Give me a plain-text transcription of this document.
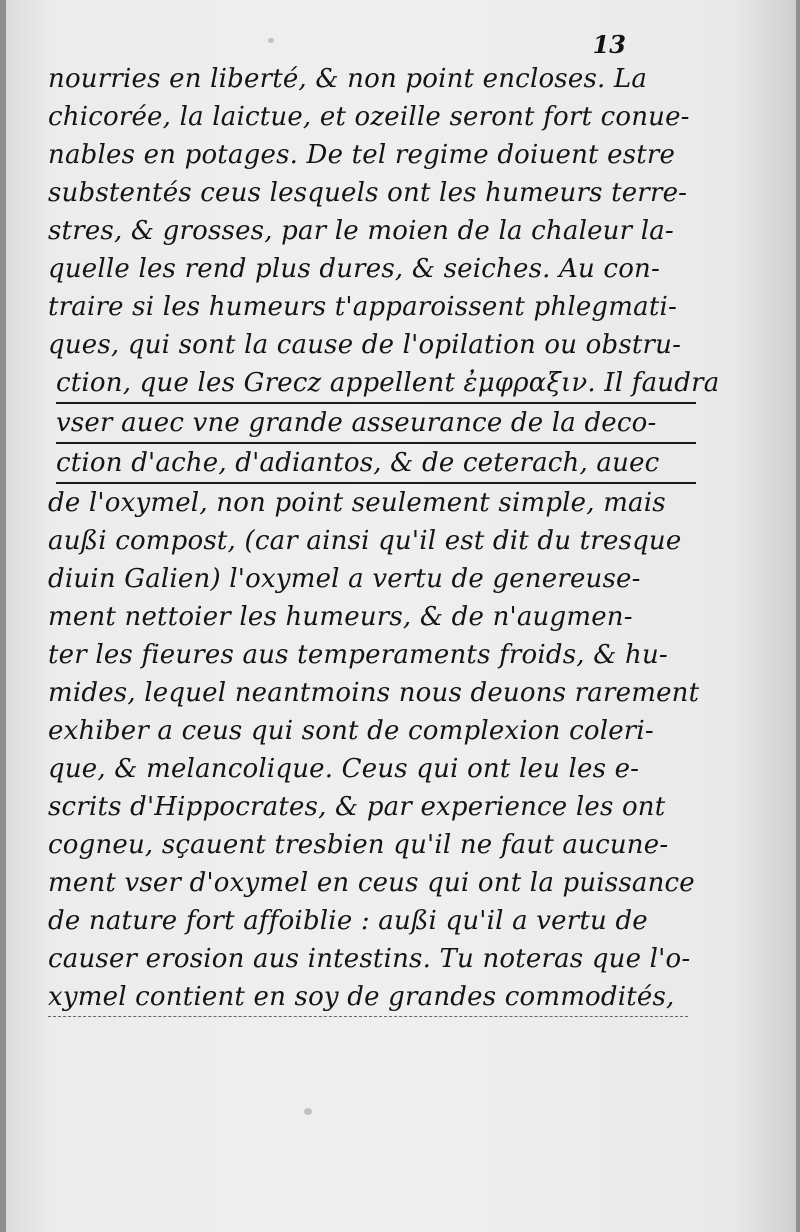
13
nourries en liberté, & non point encloses. La
chicorée, la laictue, et ozeille seront fort conue-
nables en potages. De tel regime doiuent estre
substentés ceus lesquels ont les humeurs terre-
stres, & grosses, par le moien de la chaleur la-
quelle les rend plus dures, & seiches. Au con-
traire si les humeurs t'apparoissent phlegmati-
ques, qui sont la cause de l'opilation ou obstru-
ction, que les Grecz appellent ἐμφραξιν. Il faudra
vser auec vne grande asseurance de la deco-
ction d'ache, d'adiantos, & de ceterach, auec
de l'oxymel, non point seulement simple, mais
außi compost, (car ainsi qu'il est dit du tresque
diuin Galien) l'oxymel a vertu de genereuse-
ment nettoier les humeurs, & de n'augmen-
ter les fieures aus temperaments froids, & hu-
mides, lequel neantmoins nous deuons rarement
exhiber a ceus qui sont de complexion coleri-
que, & melancolique. Ceus qui ont leu les e-
scrits d'Hippocrates, & par experience les ont
cogneu, sçauent tresbien qu'il ne faut aucune-
ment vser d'oxymel en ceus qui ont la puissance
de nature fort affoiblie : außi qu'il a vertu de
causer erosion aus intestins. Tu noteras que l'o-
xymel contient en soy de grandes commodités,
